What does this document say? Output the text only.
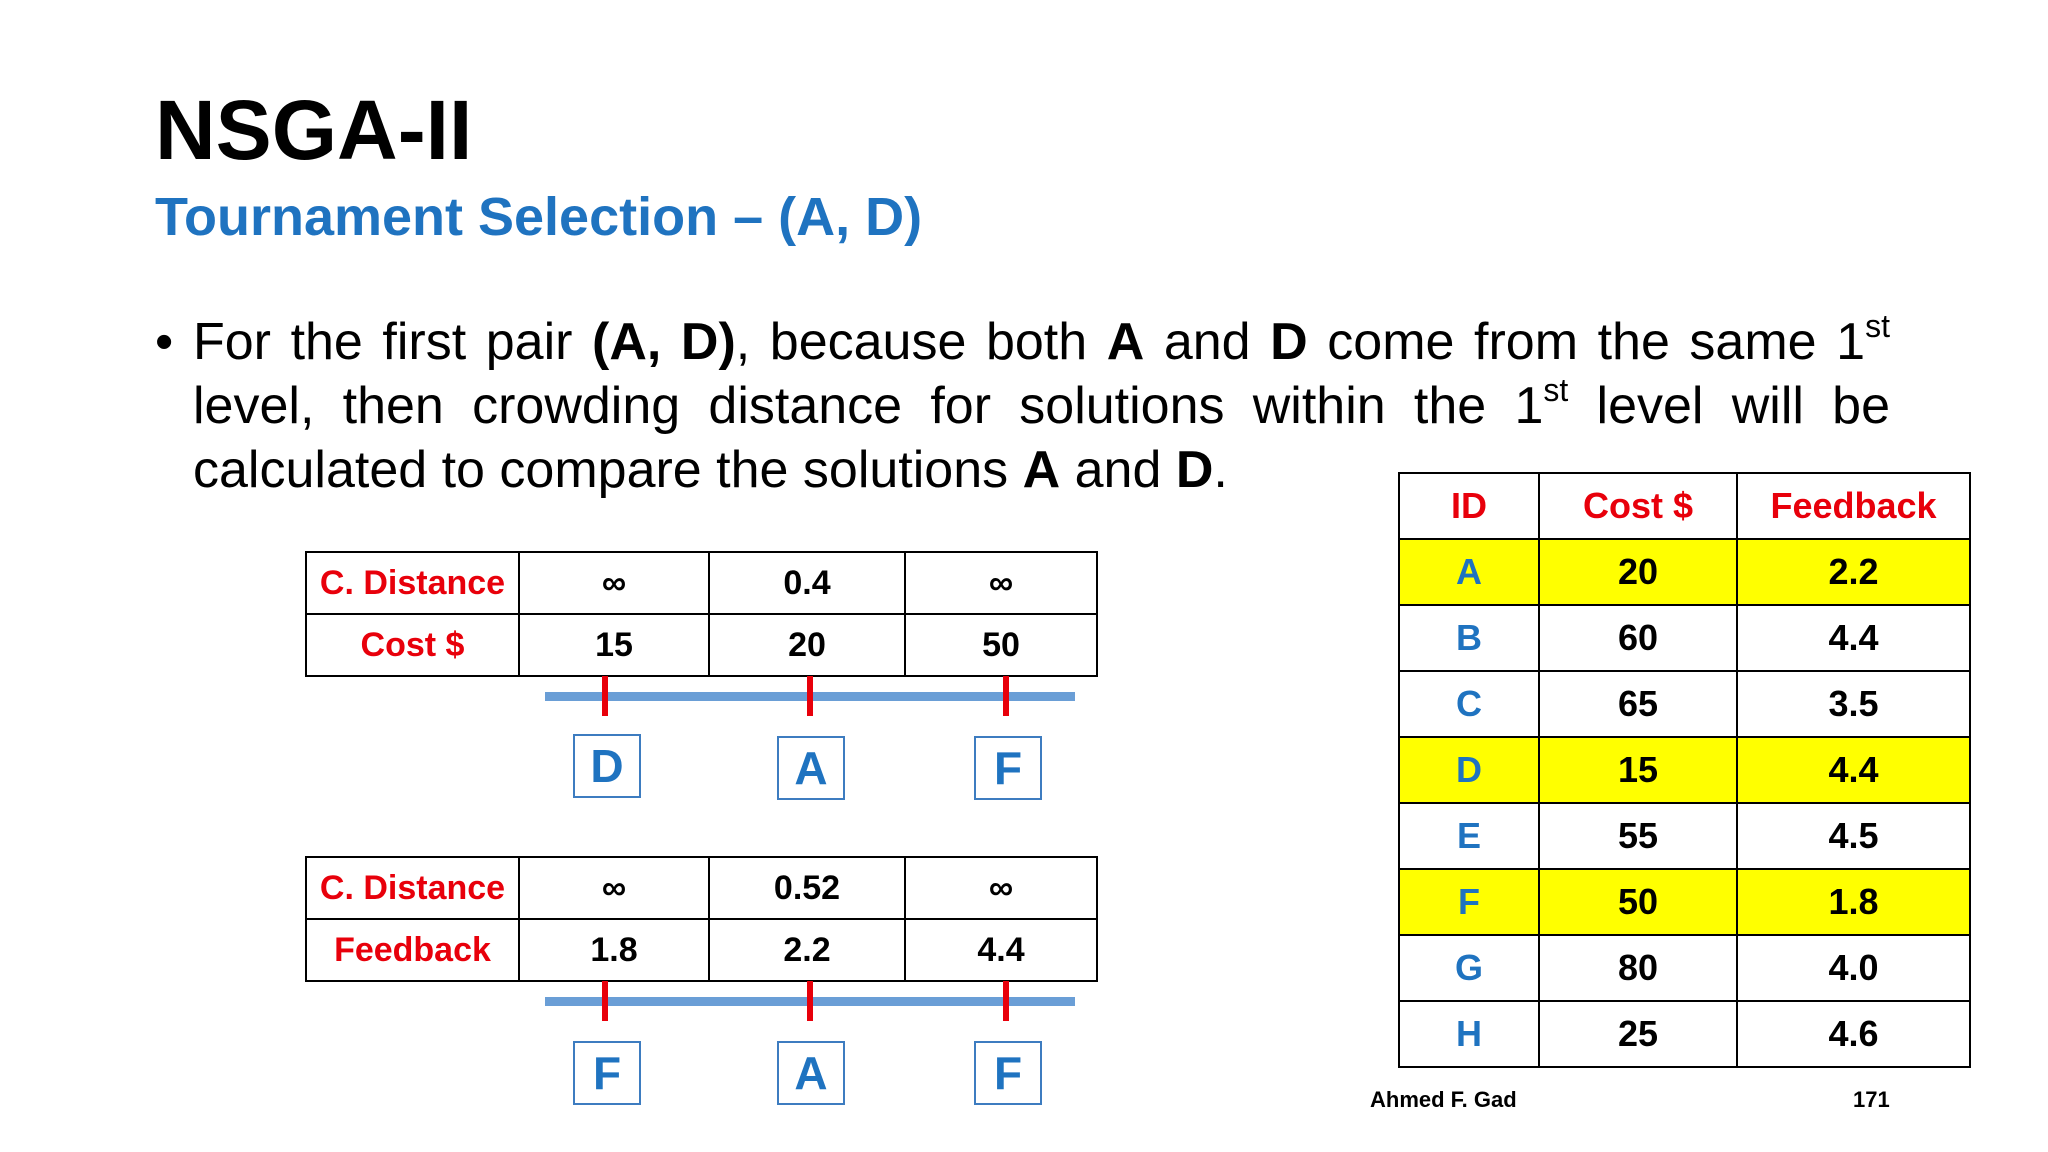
NSGA-II
Tournament Selection – (A, D)
• For the first pair (A, D), because both A and D come from the same 1st level, then crowding distance for solutions within the 1st level will be calculated to compare the solutions A and D.
C. Distance	∞	0.4	∞
Cost $	15	20	50
D	A	F
C. Distance	∞	0.52	∞
Feedback	1.8	2.2	4.4
F	A	F
ID	Cost $	Feedback
A	20	2.2
B	60	4.4
C	65	3.5
D	15	4.4
E	55	4.5
F	50	1.8
G	80	4.0
H	25	4.6
Ahmed F. Gad	171
